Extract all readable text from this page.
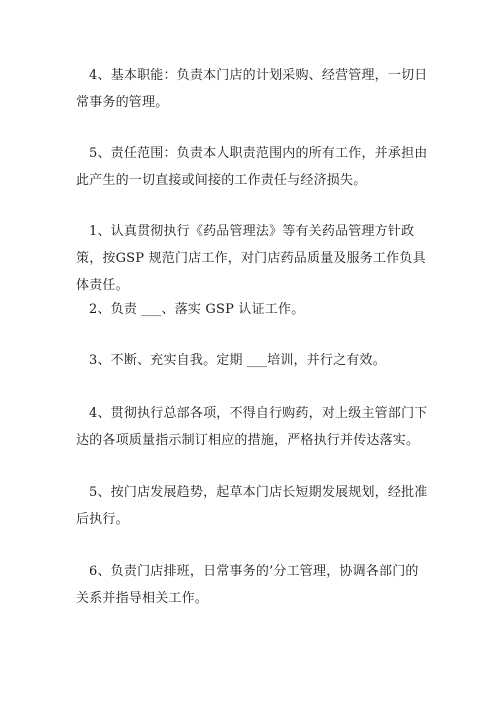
4、基本职能：负责本门店的计划采购、经营管理，一切日常事务的管理。

5、责任范围：负责本人职责范围内的所有工作，并承担由此产生的一切直接或间接的工作责任与经济损失。

1、认真贯彻执行《药品管理法》等有关药品管理方针政策，按GSP 规范门店工作，对门店药品质量及服务工作负具体责任。

2、负责 ___、落实 GSP 认证工作。

3、不断、充实自我。定期 ___培训，并行之有效。

4、贯彻执行总部各项，不得自行购药，对上级主管部门下达的各项质量指示制订相应的措施，严格执行并传达落实。

5、按门店发展趋势，起草本门店长短期发展规划，经批准后执行。

6、负责门店排班，日常事务的’分工管理，协调各部门的关系并指导相关工作。
